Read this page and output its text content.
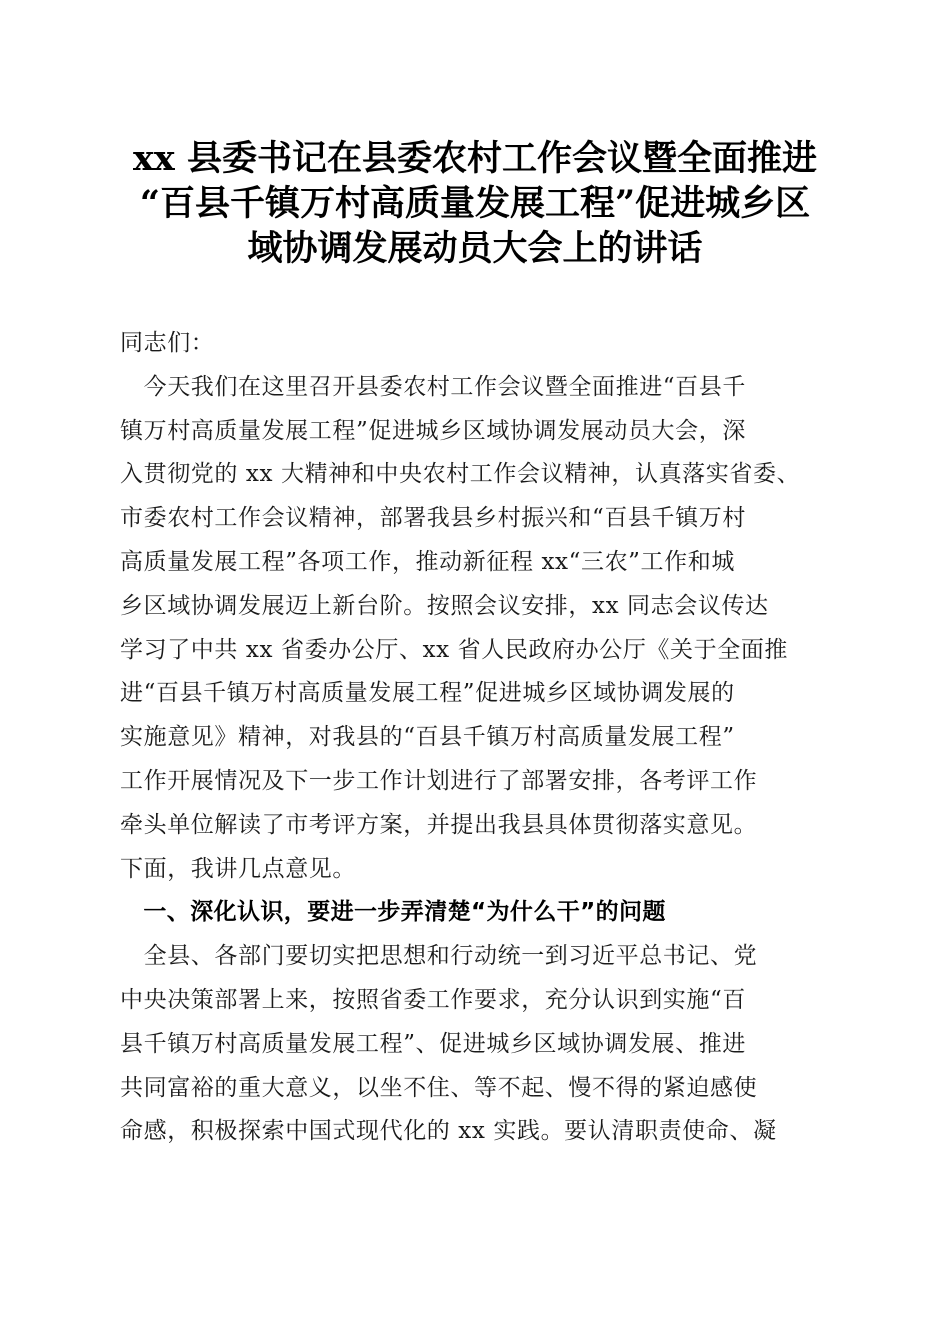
xx 县委书记在县委农村工作会议暨全面推进
“百县千镇万村高质量发展工程”促进城乡区
域协调发展动员大会上的讲话
同志们：
　今天我们在这里召开县委农村工作会议暨全面推进“百县千
镇万村高质量发展工程”促进城乡区域协调发展动员大会，深
入贯彻党的 xx 大精神和中央农村工作会议精神，认真落实省委、
市委农村工作会议精神，部署我县乡村振兴和“百县千镇万村
高质量发展工程”各项工作，推动新征程 xx“三农”工作和城
乡区域协调发展迈上新台阶。按照会议安排，xx 同志会议传达
学习了中共 xx 省委办公厅、xx 省人民政府办公厅《关于全面推
进“百县千镇万村高质量发展工程”促进城乡区域协调发展的
实施意见》精神，对我县的“百县千镇万村高质量发展工程”
工作开展情况及下一步工作计划进行了部署安排，各考评工作
牵头单位解读了市考评方案，并提出我县具体贯彻落实意见。
下面，我讲几点意见。
　一、深化认识，要进一步弄清楚“为什么干”的问题
　全县、各部门要切实把思想和行动统一到习近平总书记、党
中央决策部署上来，按照省委工作要求，充分认识到实施“百
县千镇万村高质量发展工程”、促进城乡区域协调发展、推进
共同富裕的重大意义，以坐不住、等不起、慢不得的紧迫感使
命感，积极探索中国式现代化的 xx 实践。要认清职责使命、凝
